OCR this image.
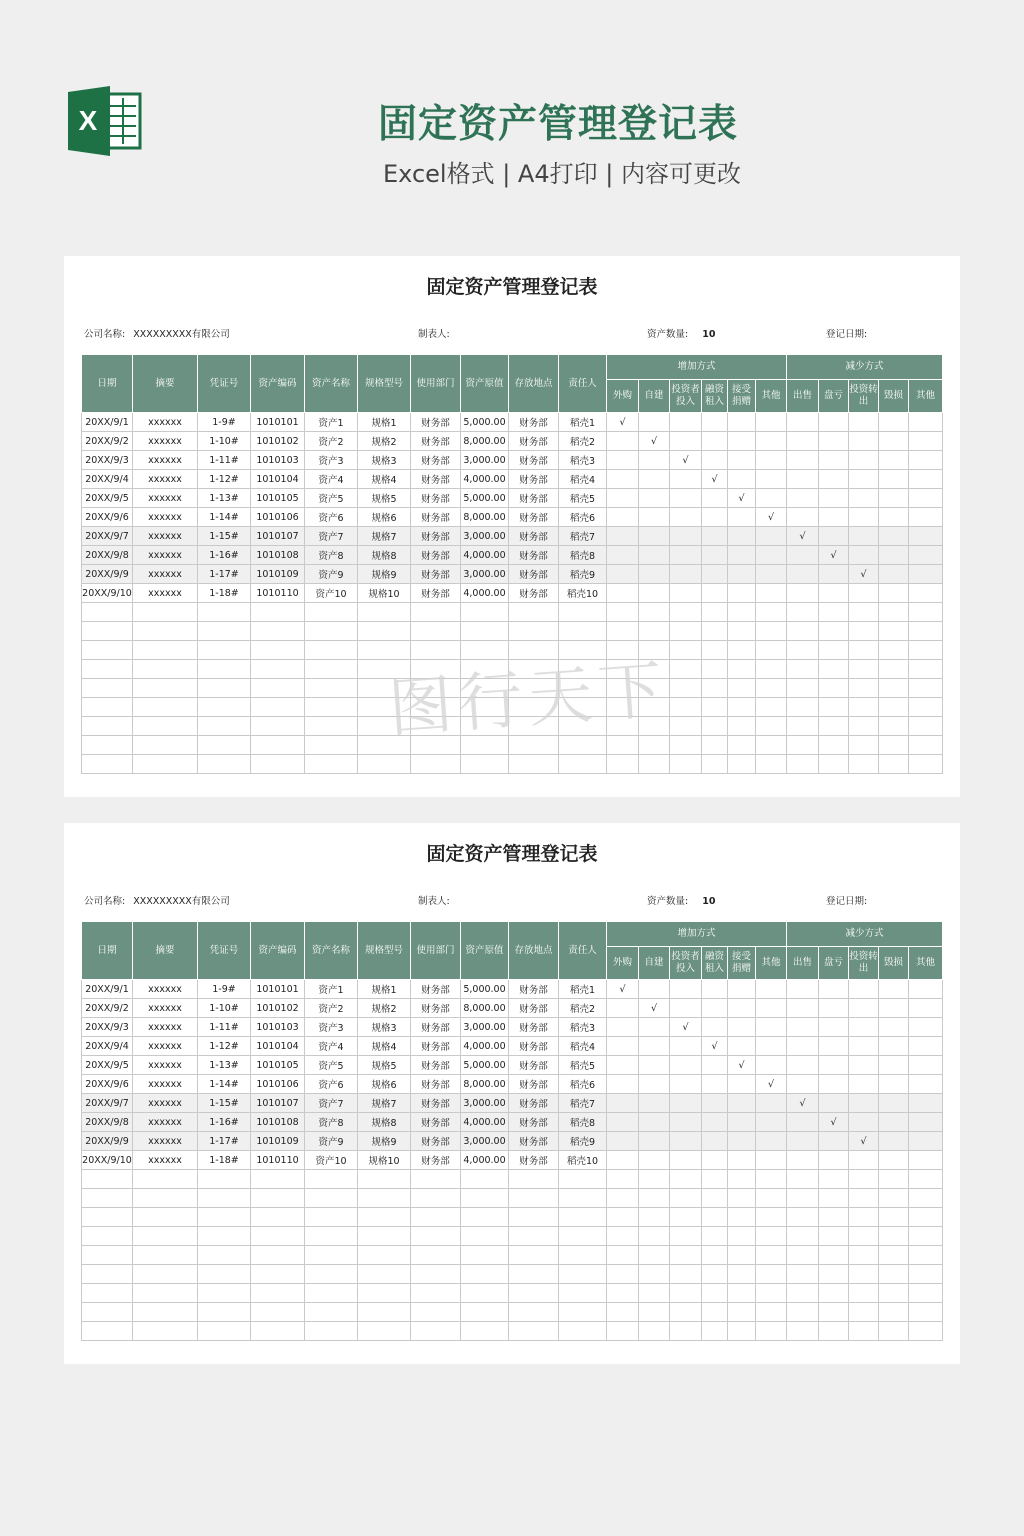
X	固定资产管理登记表
Excel格式 | A4打印 | 内容可更改
固定资产管理登记表
公司名称: XXXXXXXXX有限公司	制表人:	资产数量: 10	登记日期:
日期	摘要	凭证号	资产编码	资产名称	规格型号	使用部门	资产原值	存放地点	责任人	增加方式						减少方式				
										外购	自建	投资者投入	融资租入	接受捐赠	其他	出售	盘亏	投资转出	毁损	其他
20XX/9/1	xxxxxx	1-9#	1010101	资产1	规格1	财务部	5,000.00	财务部	稻壳1	√										
20XX/9/2	xxxxxx	1-10#	1010102	资产2	规格2	财务部	8,000.00	财务部	稻壳2		√									
20XX/9/3	xxxxxx	1-11#	1010103	资产3	规格3	财务部	3,000.00	财务部	稻壳3			√								
20XX/9/4	xxxxxx	1-12#	1010104	资产4	规格4	财务部	4,000.00	财务部	稻壳4				√							
20XX/9/5	xxxxxx	1-13#	1010105	资产5	规格5	财务部	5,000.00	财务部	稻壳5					√						
20XX/9/6	xxxxxx	1-14#	1010106	资产6	规格6	财务部	8,000.00	财务部	稻壳6						√					
20XX/9/7	xxxxxx	1-15#	1010107	资产7	规格7	财务部	3,000.00	财务部	稻壳7							√				
20XX/9/8	xxxxxx	1-16#	1010108	资产8	规格8	财务部	4,000.00	财务部	稻壳8								√			
20XX/9/9	xxxxxx	1-17#	1010109	资产9	规格9	财务部	3,000.00	财务部	稻壳9									√		
20XX/9/10	xxxxxx	1-18#	1010110	资产10	规格10	财务部	4,000.00	财务部	稻壳10											

固定资产管理登记表
公司名称: XXXXXXXXX有限公司	制表人:	资产数量: 10	登记日期:
日期	摘要	凭证号	资产编码	资产名称	规格型号	使用部门	资产原值	存放地点	责任人	增加方式						减少方式				
										外购	自建	投资者投入	融资租入	接受捐赠	其他	出售	盘亏	投资转出	毁损	其他
20XX/9/1	xxxxxx	1-9#	1010101	资产1	规格1	财务部	5,000.00	财务部	稻壳1	√										
20XX/9/2	xxxxxx	1-10#	1010102	资产2	规格2	财务部	8,000.00	财务部	稻壳2		√									
20XX/9/3	xxxxxx	1-11#	1010103	资产3	规格3	财务部	3,000.00	财务部	稻壳3			√								
20XX/9/4	xxxxxx	1-12#	1010104	资产4	规格4	财务部	4,000.00	财务部	稻壳4				√							
20XX/9/5	xxxxxx	1-13#	1010105	资产5	规格5	财务部	5,000.00	财务部	稻壳5					√						
20XX/9/6	xxxxxx	1-14#	1010106	资产6	规格6	财务部	8,000.00	财务部	稻壳6						√					
20XX/9/7	xxxxxx	1-15#	1010107	资产7	规格7	财务部	3,000.00	财务部	稻壳7							√				
20XX/9/8	xxxxxx	1-16#	1010108	资产8	规格8	财务部	4,000.00	财务部	稻壳8								√			
20XX/9/9	xxxxxx	1-17#	1010109	资产9	规格9	财务部	3,000.00	财务部	稻壳9									√		
20XX/9/10	xxxxxx	1-18#	1010110	资产10	规格10	财务部	4,000.00	财务部	稻壳10											

图行天下
